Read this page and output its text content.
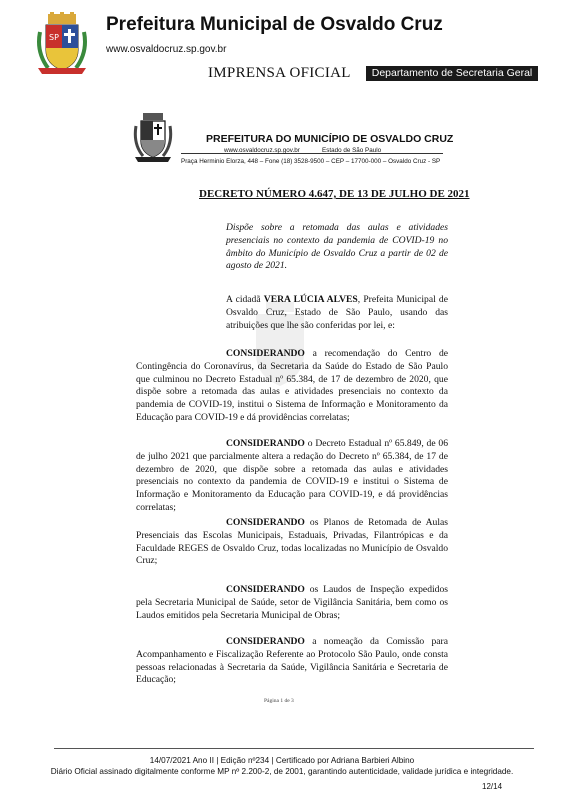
SP
Prefeitura Municipal de Osvaldo Cruz
www.osvaldocruz.sp.gov.br
IMPRENSA OFICIAL	Departamento de Secretaria Geral
PREFEITURA DO MUNICÍPIO DE OSVALDO CRUZ
www.osvaldocruz.sp.gov.br	Estado de São Paulo
Praça Herminio Elorza, 448 – Fone (18) 3528-9500 – CEP – 17700-000 – Osvaldo Cruz - SP
DECRETO NÚMERO 4.647, DE 13 DE JULHO DE 2021
Dispõe sobre a retomada das aulas e atividades presenciais no contexto da pandemia de COVID-19 no âmbito do Município de Osvaldo Cruz a partir de 02 de agosto de 2021.
A cidadã VERA LÚCIA ALVES, Prefeita Municipal de Osvaldo Cruz, Estado de São Paulo, usando das atribuições que lhe são conferidas por lei, e:
CONSIDERANDO a recomendação do Centro de Contingência do Coronavírus, da Secretaria da Saúde do Estado de São Paulo que culminou no Decreto Estadual nº 65.384, de 17 de dezembro de 2020, que dispõe sobre a retomada das aulas e atividades presenciais no contexto da pandemia de COVID-19, institui o Sistema de Informação e Monitoramento da Educação para COVID-19 e dá providências correlatas;
CONSIDERANDO o Decreto Estadual nº 65.849, de 06 de julho 2021 que parcialmente altera a redação do Decreto nº 65.384, de 17 de dezembro de 2020, que dispõe sobre a retomada das aulas e atividades presenciais no contexto da pandemia de COVID-19 e institui o Sistema de Informação e Monitoramento da Educação para COVID-19, e dá providências correlatas;
CONSIDERANDO os Planos de Retomada de Aulas Presenciais das Escolas Municipais, Estaduais, Privadas, Filantrópicas e da Faculdade REGES de Osvaldo Cruz, todas localizadas no Município de Osvaldo Cruz;
CONSIDERANDO os Laudos de Inspeção expedidos pela Secretaria Municipal de Saúde, setor de Vigilância Sanitária, bem como os Laudos emitidos pela Secretaria Municipal de Obras;
CONSIDERANDO a nomeação da Comissão para Acompanhamento e Fiscalização Referente ao Protocolo São Paulo, onde consta pessoas relacionadas à Secretaria da Saúde, Vigilância Sanitária e Secretaria de Educação;
Página 1 de 3
14/07/2021 Ano II | Edição nº234 | Certificado por Adriana Barbieri Albino
Diário Oficial assinado digitalmente conforme MP nº 2.200-2, de 2001, garantindo autenticidade, validade jurídica e integridade.
12/14
